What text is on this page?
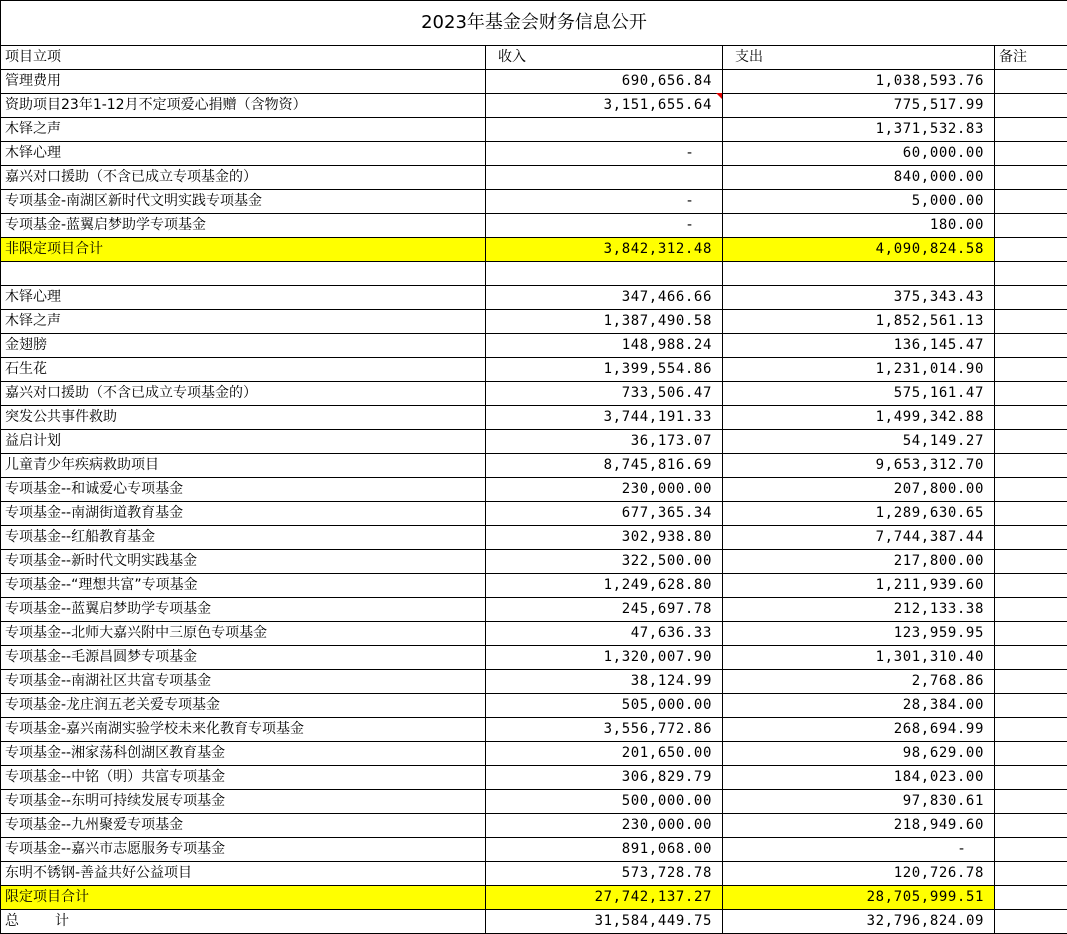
2023年基金会财务信息公开			
项目立项	收入	支出	备注
管理费用	690,656.84	1,038,593.76	
资助项目23年1-12月不定项爱心捐赠（含物资）	3,151,655.64	775,517.99	
木铎之声		1,371,532.83	
木铎心理	-	60,000.00	
嘉兴对口援助（不含已成立专项基金的）		840,000.00	
专项基金-南湖区新时代文明实践专项基金	-	5,000.00	
专项基金-蓝翼启梦助学专项基金	-	180.00	
非限定项目合计	3,842,312.48	4,090,824.58	

木铎心理	347,466.66	375,343.43	
木铎之声	1,387,490.58	1,852,561.13	
金翅膀	148,988.24	136,145.47	
石生花	1,399,554.86	1,231,014.90	
嘉兴对口援助（不含已成立专项基金的）	733,506.47	575,161.47	
突发公共事件救助	3,744,191.33	1,499,342.88	
益启计划	36,173.07	54,149.27	
儿童青少年疾病救助项目	8,745,816.69	9,653,312.70	
专项基金--和诚爱心专项基金	230,000.00	207,800.00	
专项基金--南湖街道教育基金	677,365.34	1,289,630.65	
专项基金--红船教育基金	302,938.80	7,744,387.44	
专项基金--新时代文明实践基金	322,500.00	217,800.00	
专项基金--“理想共富”专项基金	1,249,628.80	1,211,939.60	
专项基金--蓝翼启梦助学专项基金	245,697.78	212,133.38	
专项基金--北师大嘉兴附中三原色专项基金	47,636.33	123,959.95	
专项基金--毛源昌圆梦专项基金	1,320,007.90	1,301,310.40	
专项基金--南湖社区共富专项基金	38,124.99	2,768.86	
专项基金-龙庄润五老关爱专项基金	505,000.00	28,384.00	
专项基金-嘉兴南湖实验学校未来化教育专项基金	3,556,772.86	268,694.99	
专项基金--湘家荡科创湖区教育基金	201,650.00	98,629.00	
专项基金--中铭（明）共富专项基金	306,829.79	184,023.00	
专项基金--东明可持续发展专项基金	500,000.00	97,830.61	
专项基金--九州聚爱专项基金	230,000.00	218,949.60	
专项基金--嘉兴市志愿服务专项基金	891,068.00	-	
东明不锈钢-善益共好公益项目	573,728.78	120,726.78	
限定项目合计	27,742,137.27	28,705,999.51	
总 计	31,584,449.75	32,796,824.09	
